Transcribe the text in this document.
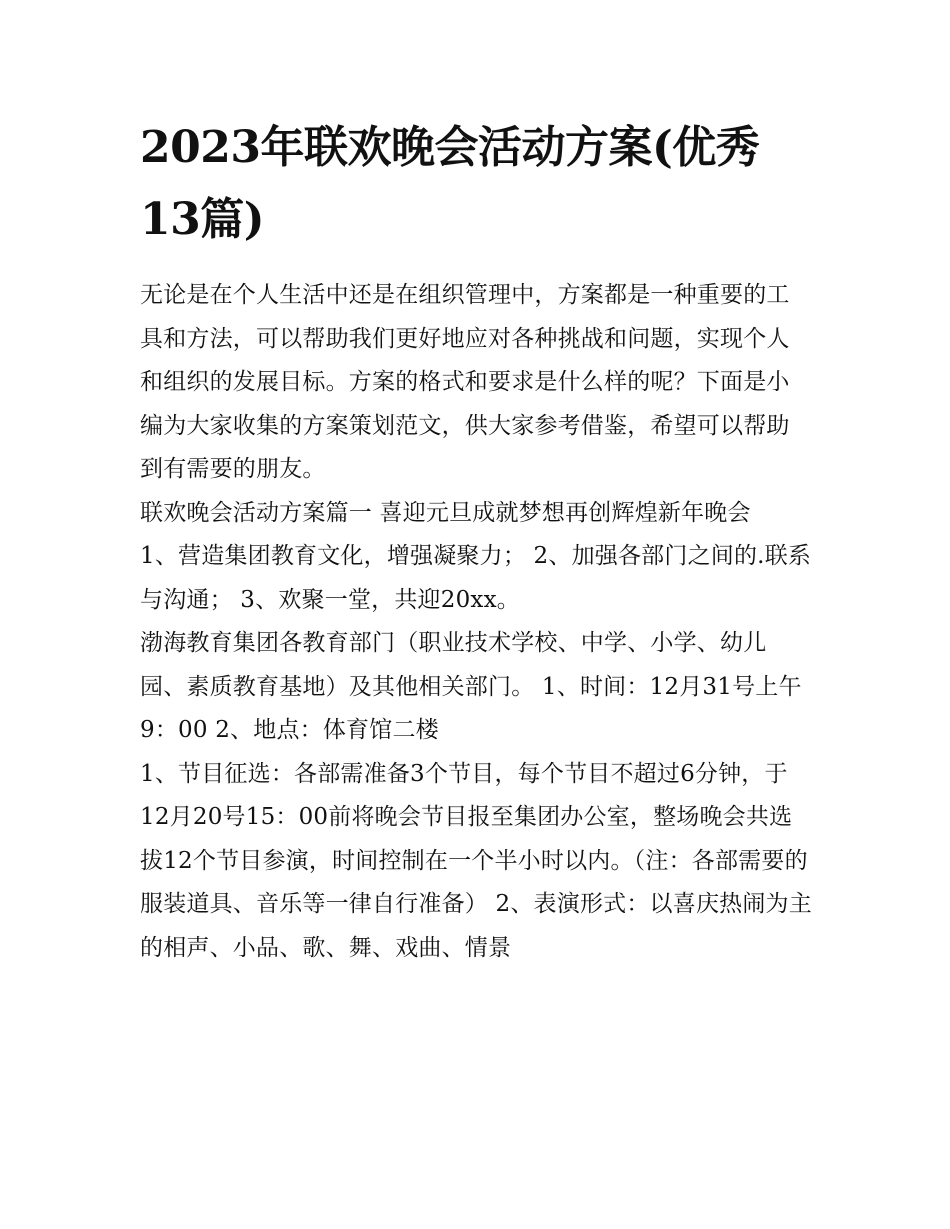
2023年联欢晚会活动方案(优秀13篇)

无论是在个人生活中还是在组织管理中，方案都是一种重要的工具和方法，可以帮助我们更好地应对各种挑战和问题，实现个人和组织的发展目标。方案的格式和要求是什么样的呢？下面是小编为大家收集的方案策划范文，供大家参考借鉴，希望可以帮助到有需要的朋友。

联欢晚会活动方案篇一 喜迎元旦成就梦想再创辉煌新年晚会

1、营造集团教育文化，增强凝聚力； 2、加强各部门之间的.联系与沟通； 3、欢聚一堂，共迎20xx。

渤海教育集团各教育部门（职业技术学校、中学、小学、幼儿园、素质教育基地）及其他相关部门。 1、时间：12月31号上午9：00 2、地点：体育馆二楼

1、节目征选：各部需准备3个节目，每个节目不超过6分钟，于12月20号15：00前将晚会节目报至集团办公室，整场晚会共选拔12个节目参演，时间控制在一个半小时以内。（注：各部需要的服装道具、音乐等一律自行准备） 2、表演形式：以喜庆热闹为主的相声、小品、歌、舞、戏曲、情景
